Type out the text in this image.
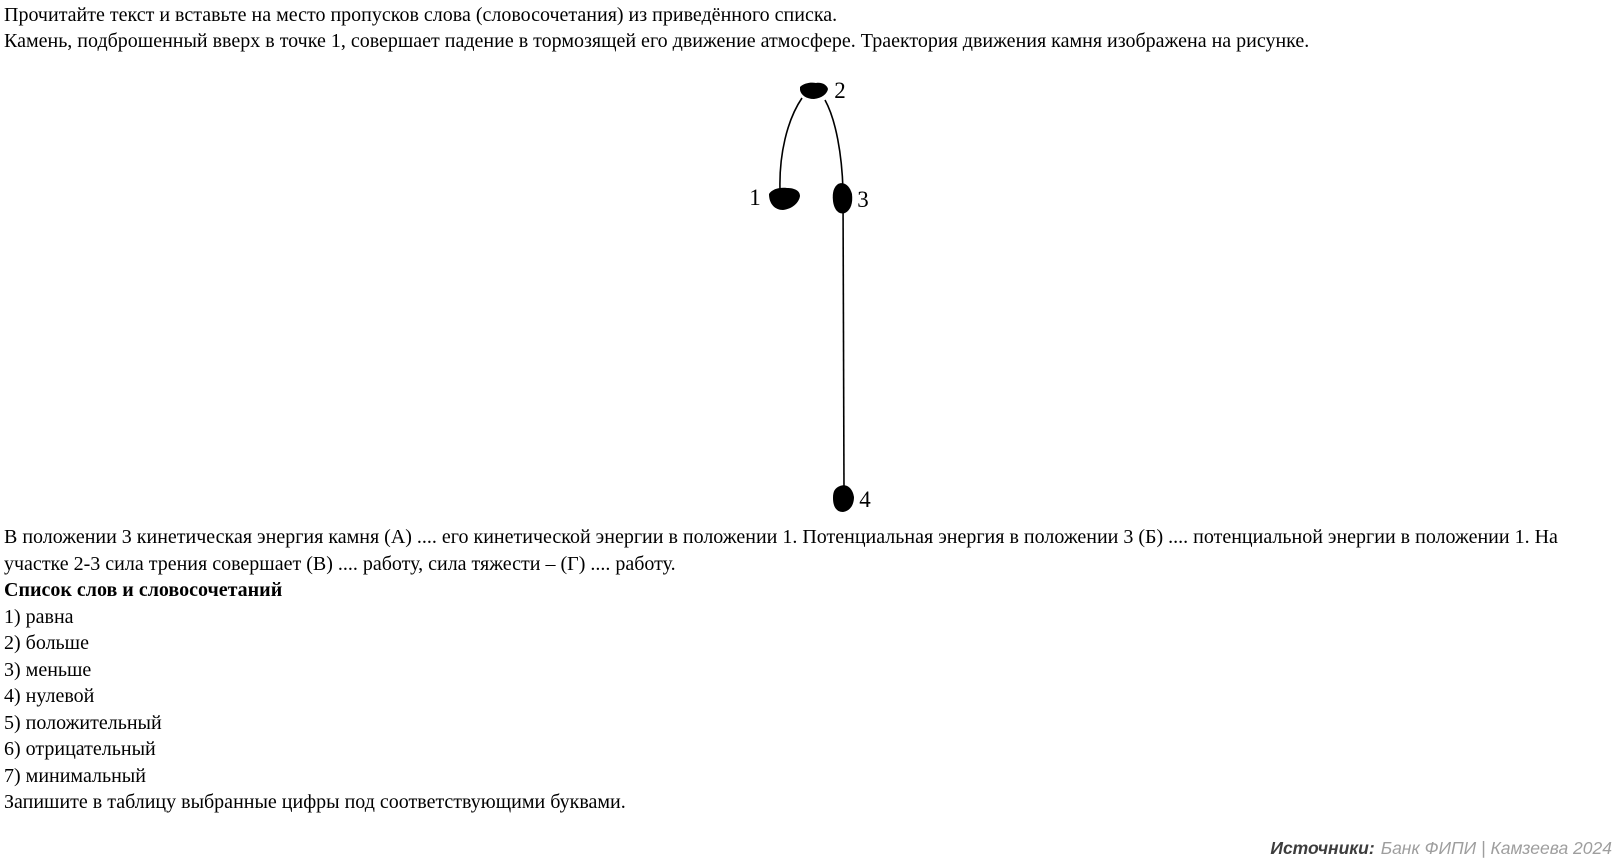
Прочитайте текст и вставьте на место пропусков слова (словосочетания) из приведённого списка.
Камень, подброшенный вверх в точке 1, совершает падение в тормозящей его движение атмосфере. Траектория движения камня изображена на рисунке.
1
2
3
4
В положении 3 кинетическая энергия камня (А) .... его кинетической энергии в положении 1. Потенциальная энергия в положении 3 (Б) .... потенциальной энергии в положении 1. На участке 2-3 сила трения совершает (В) .... работу, сила тяжести – (Г) .... работу.
Список слов и словосочетаний
1) равна
2) больше
3) меньше
4) нулевой
5) положительный
6) отрицательный
7) минимальный
Запишите в таблицу выбранные цифры под соответствующими буквами.
Источники: Банк ФИПИ | Камзеева 2024
